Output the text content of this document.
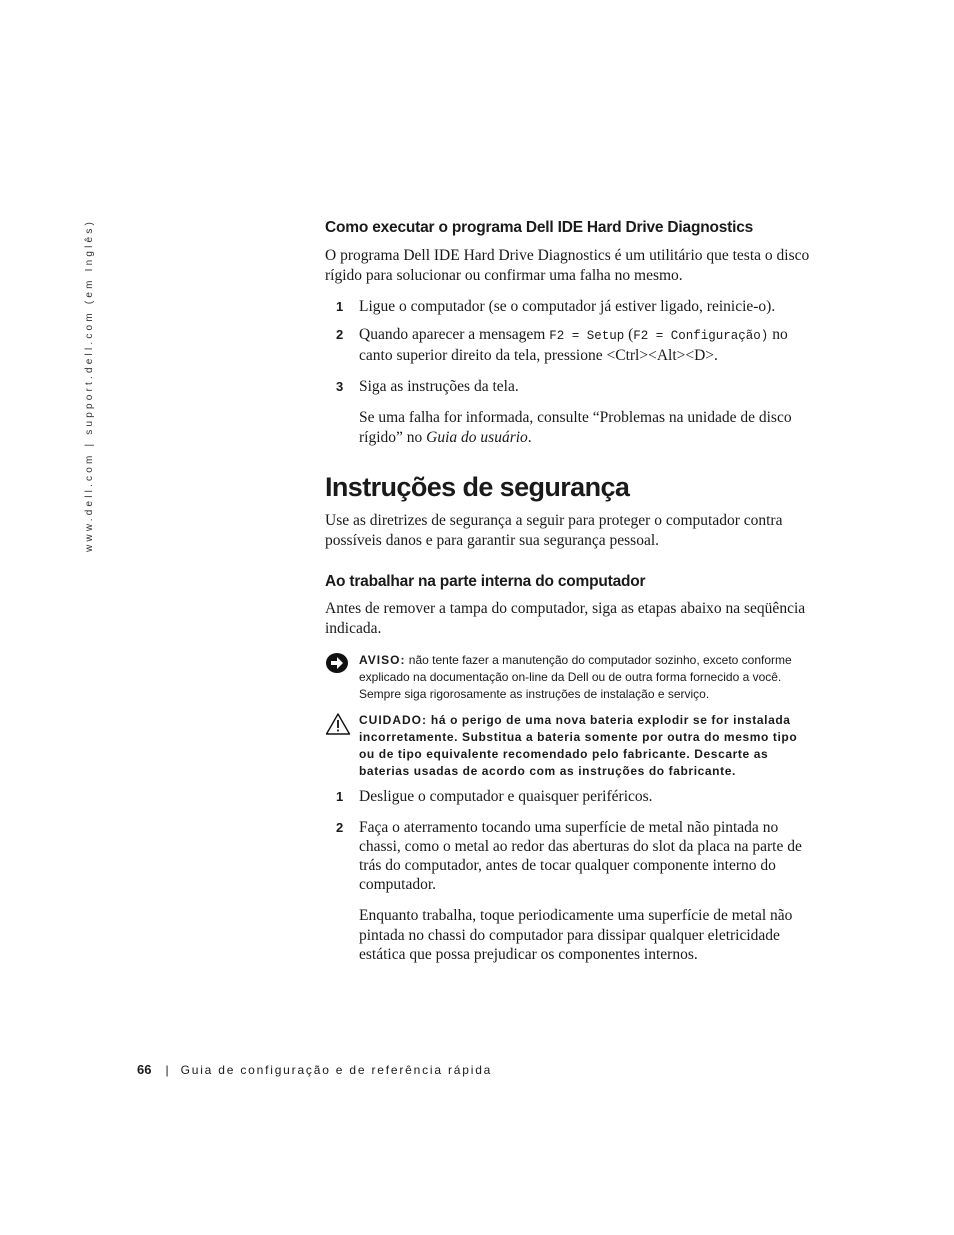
www.dell.com | support.dell.com (em Inglês)	Como executar o programa Dell IDE Hard Drive Diagnostics

O programa Dell IDE Hard Drive Diagnostics é um utilitário que testa o disco rígido para solucionar ou confirmar uma falha no mesmo.

1	Ligue o computador (se o computador já estiver ligado, reinicie-o).
2	Quando aparecer a mensagem F2 = Setup (F2 = Configuração) no canto superior direito da tela, pressione <Ctrl><Alt><D>.
3	Siga as instruções da tela.

Se uma falha for informada, consulte “Problemas na unidade de disco rígido” no Guia do usuário.

Instruções de segurança

Use as diretrizes de segurança a seguir para proteger o computador contra possíveis danos e para garantir sua segurança pessoal.

Ao trabalhar na parte interna do computador

Antes de remover a tampa do computador, siga as etapas abaixo na seqüência indicada.

AVISO: não tente fazer a manutenção do computador sozinho, exceto conforme explicado na documentação on-line da Dell ou de outra forma fornecido a você. Sempre siga rigorosamente as instruções de instalação e serviço.
CUIDADO: há o perigo de uma nova bateria explodir se for instalada incorretamente. Substitua a bateria somente por outra do mesmo tipo ou de tipo equivalente recomendado pelo fabricante. Descarte as baterias usadas de acordo com as instruções do fabricante.
1	Desligue o computador e quaisquer periféricos.
2	Faça o aterramento tocando uma superfície de metal não pintada no chassi, como o metal ao redor das aberturas do slot da placa na parte de trás do computador, antes de tocar qualquer componente interno do computador.

Enquanto trabalha, toque periodicamente uma superfície de metal não pintada no chassi do computador para dissipar qualquer eletricidade estática que possa prejudicar os componentes internos.

66 | Guia de configuração e de referência rápida
